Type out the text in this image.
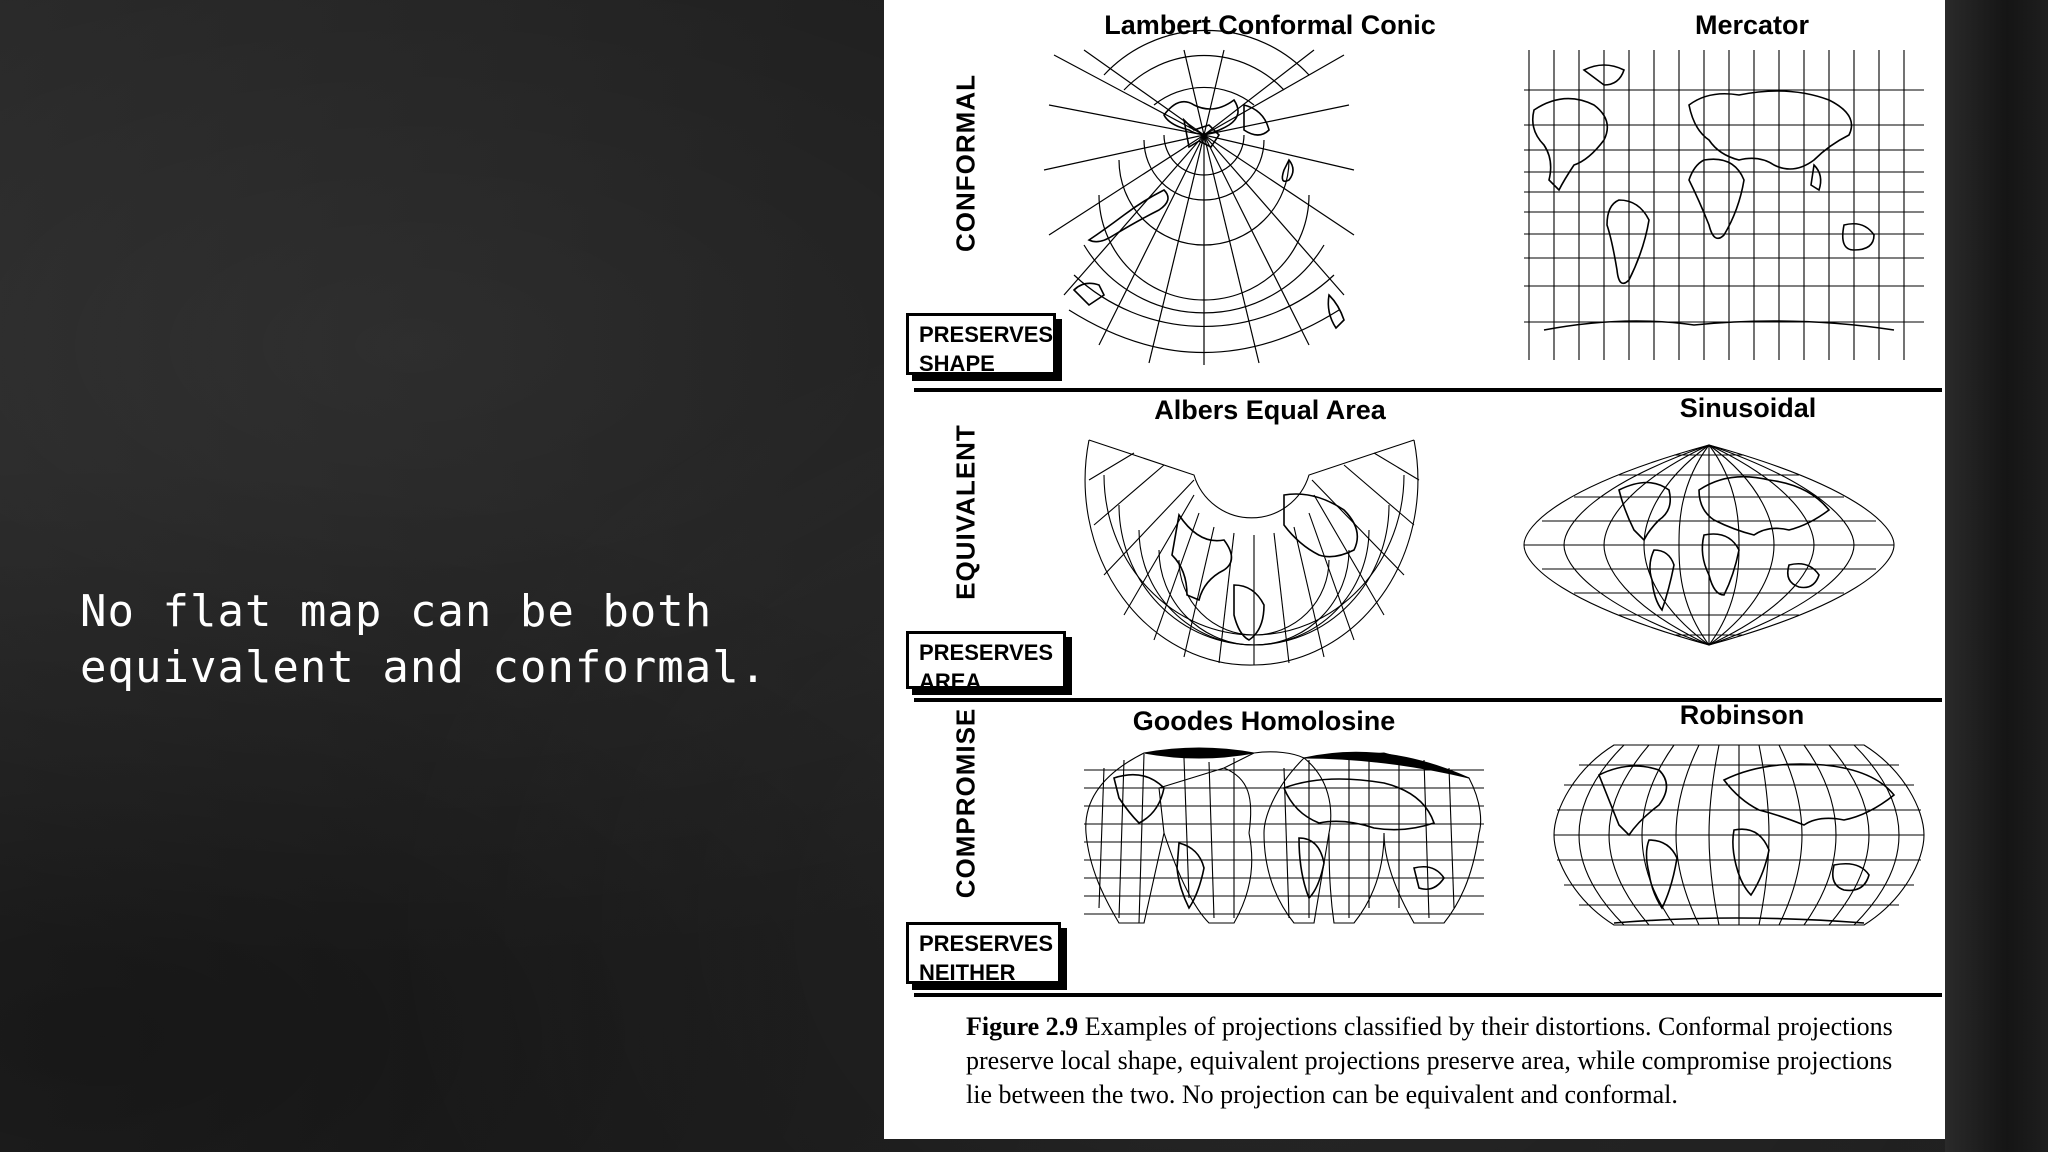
No flat map can be both
equivalent and conformal.
CONFORMAL
EQUIVALENT
COMPROMISE
PRESERVES
SHAPE
PRESERVES
AREA
PRESERVES
NEITHER
Lambert Conformal Conic	Mercator
Albers Equal Area	Sinusoidal
Goodes Homolosine	Robinson
Figure 2.9 Examples of projections classified by their distortions. Conformal projections preserve local shape, equivalent projections preserve area, while compromise projections lie between the two. No projection can be equivalent and conformal.
